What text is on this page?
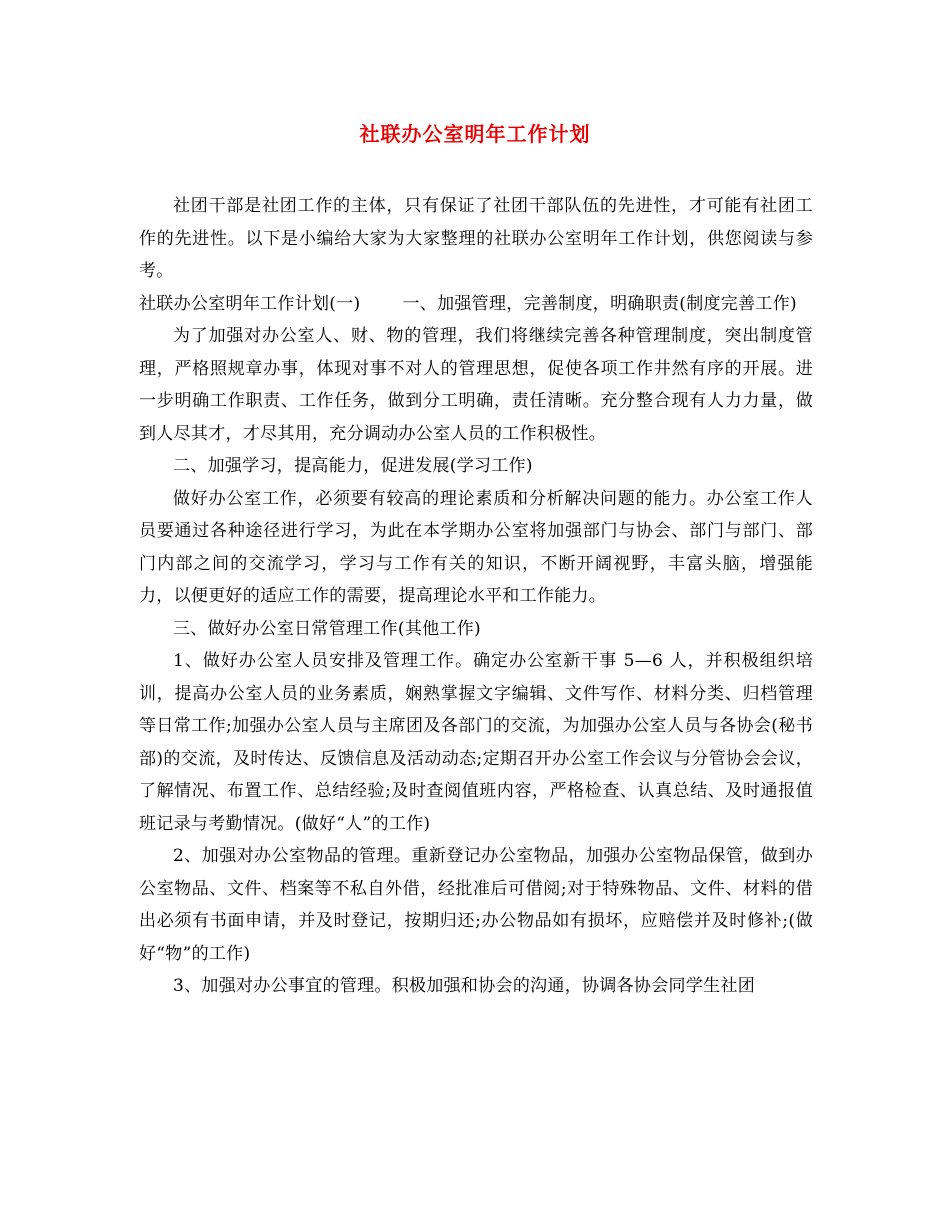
社联办公室明年工作计划

社团干部是社团工作的主体，只有保证了社团干部队伍的先进性，才可能有社团工作的先进性。以下是小编给大家为大家整理的社联办公室明年工作计划，供您阅读与参考。

社联办公室明年工作计划(一) 一、加强管理，完善制度，明确职责(制度完善工作)

为了加强对办公室人、财、物的管理，我们将继续完善各种管理制度，突出制度管理，严格照规章办事，体现对事不对人的管理思想，促使各项工作井然有序的开展。进一步明确工作职责、工作任务，做到分工明确，责任清晰。充分整合现有人力力量，做到人尽其才，才尽其用，充分调动办公室人员的工作积极性。

二、加强学习，提高能力，促进发展(学习工作)

做好办公室工作，必须要有较高的理论素质和分析解决问题的能力。办公室工作人员要通过各种途径进行学习，为此在本学期办公室将加强部门与协会、部门与部门、部门内部之间的交流学习，学习与工作有关的知识，不断开阔视野，丰富头脑，增强能力，以便更好的适应工作的需要，提高理论水平和工作能力。

三、做好办公室日常管理工作(其他工作)

1、做好办公室人员安排及管理工作。确定办公室新干事 5—6 人，并积极组织培训，提高办公室人员的业务素质，娴熟掌握文字编辑、文件写作、材料分类、归档管理等日常工作;加强办公室人员与主席团及各部门的交流，为加强办公室人员与各协会(秘书部)的交流，及时传达、反馈信息及活动动态;定期召开办公室工作会议与分管协会会议，了解情况、布置工作、总结经验;及时查阅值班内容，严格检查、认真总结、及时通报值班记录与考勤情况。(做好“人”的工作)

2、加强对办公室物品的管理。重新登记办公室物品，加强办公室物品保管，做到办公室物品、文件、档案等不私自外借，经批准后可借阅;对于特殊物品、文件、材料的借出必须有书面申请，并及时登记，按期归还;办公物品如有损坏，应赔偿并及时修补;(做好“物”的工作)

3、加强对办公事宜的管理。积极加强和协会的沟通，协调各协会同学生社团
